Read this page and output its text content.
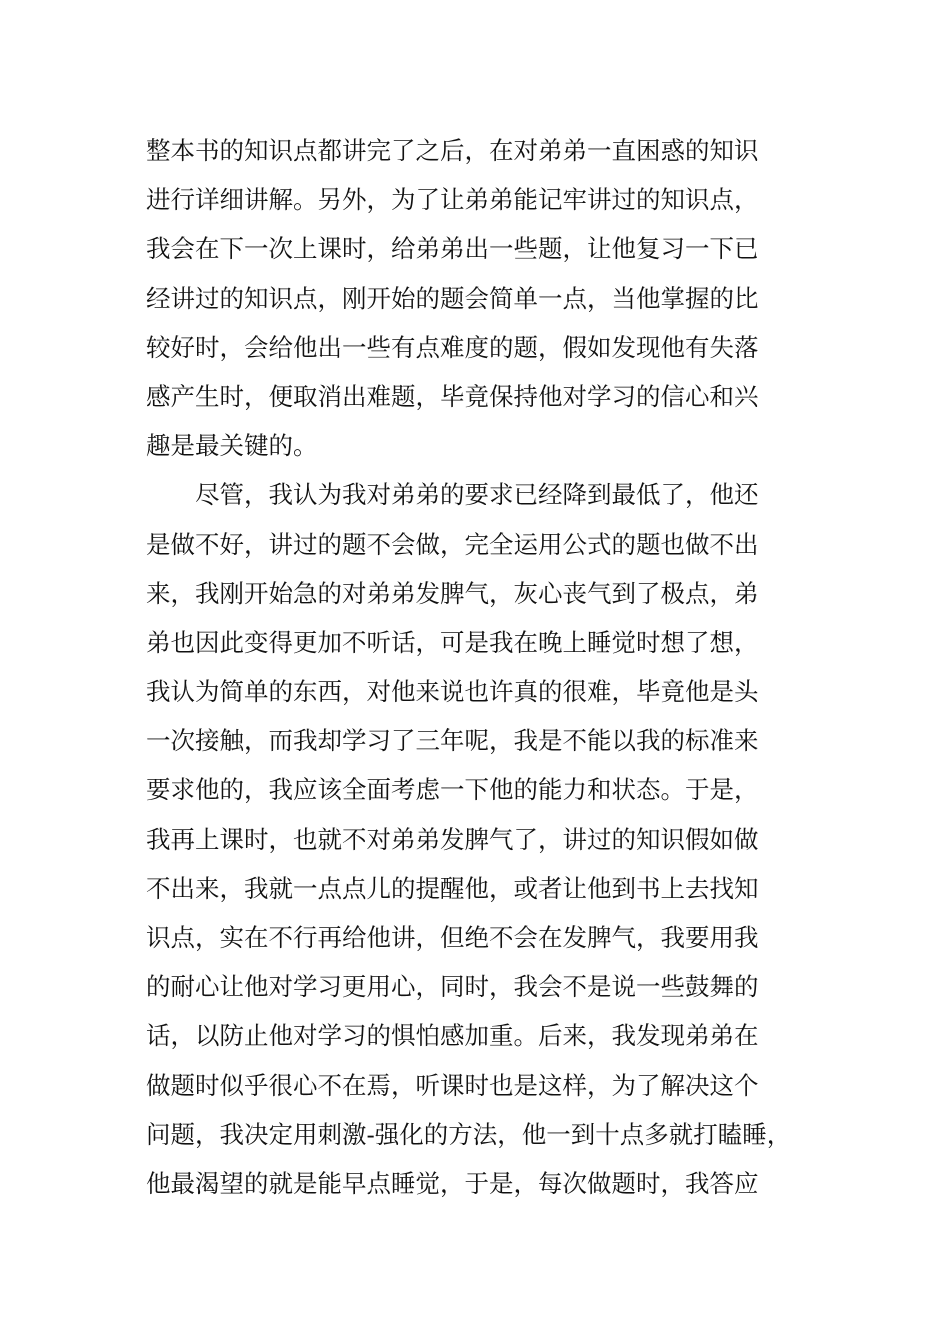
整本书的知识点都讲完了之后，在对弟弟一直困惑的知识
进行详细讲解。另外，为了让弟弟能记牢讲过的知识点，
我会在下一次上课时，给弟弟出一些题，让他复习一下已
经讲过的知识点，刚开始的题会简单一点，当他掌握的比
较好时，会给他出一些有点难度的题，假如发现他有失落
感产生时，便取消出难题，毕竟保持他对学习的信心和兴
趣是最关键的。
　　尽管，我认为我对弟弟的要求已经降到最低了，他还
是做不好，讲过的题不会做，完全运用公式的题也做不出
来，我刚开始急的对弟弟发脾气，灰心丧气到了极点，弟
弟也因此变得更加不听话，可是我在晚上睡觉时想了想，
我认为简单的东西，对他来说也许真的很难，毕竟他是头
一次接触，而我却学习了三年呢，我是不能以我的标准来
要求他的，我应该全面考虑一下他的能力和状态。于是，
我再上课时，也就不对弟弟发脾气了，讲过的知识假如做
不出来，我就一点点儿的提醒他，或者让他到书上去找知
识点，实在不行再给他讲，但绝不会在发脾气，我要用我
的耐心让他对学习更用心，同时，我会不是说一些鼓舞的
话，以防止他对学习的惧怕感加重。后来，我发现弟弟在
做题时似乎很心不在焉，听课时也是这样，为了解决这个
问题，我决定用刺激-强化的方法，他一到十点多就打瞌睡，
他最渴望的就是能早点睡觉，于是，每次做题时，我答应
